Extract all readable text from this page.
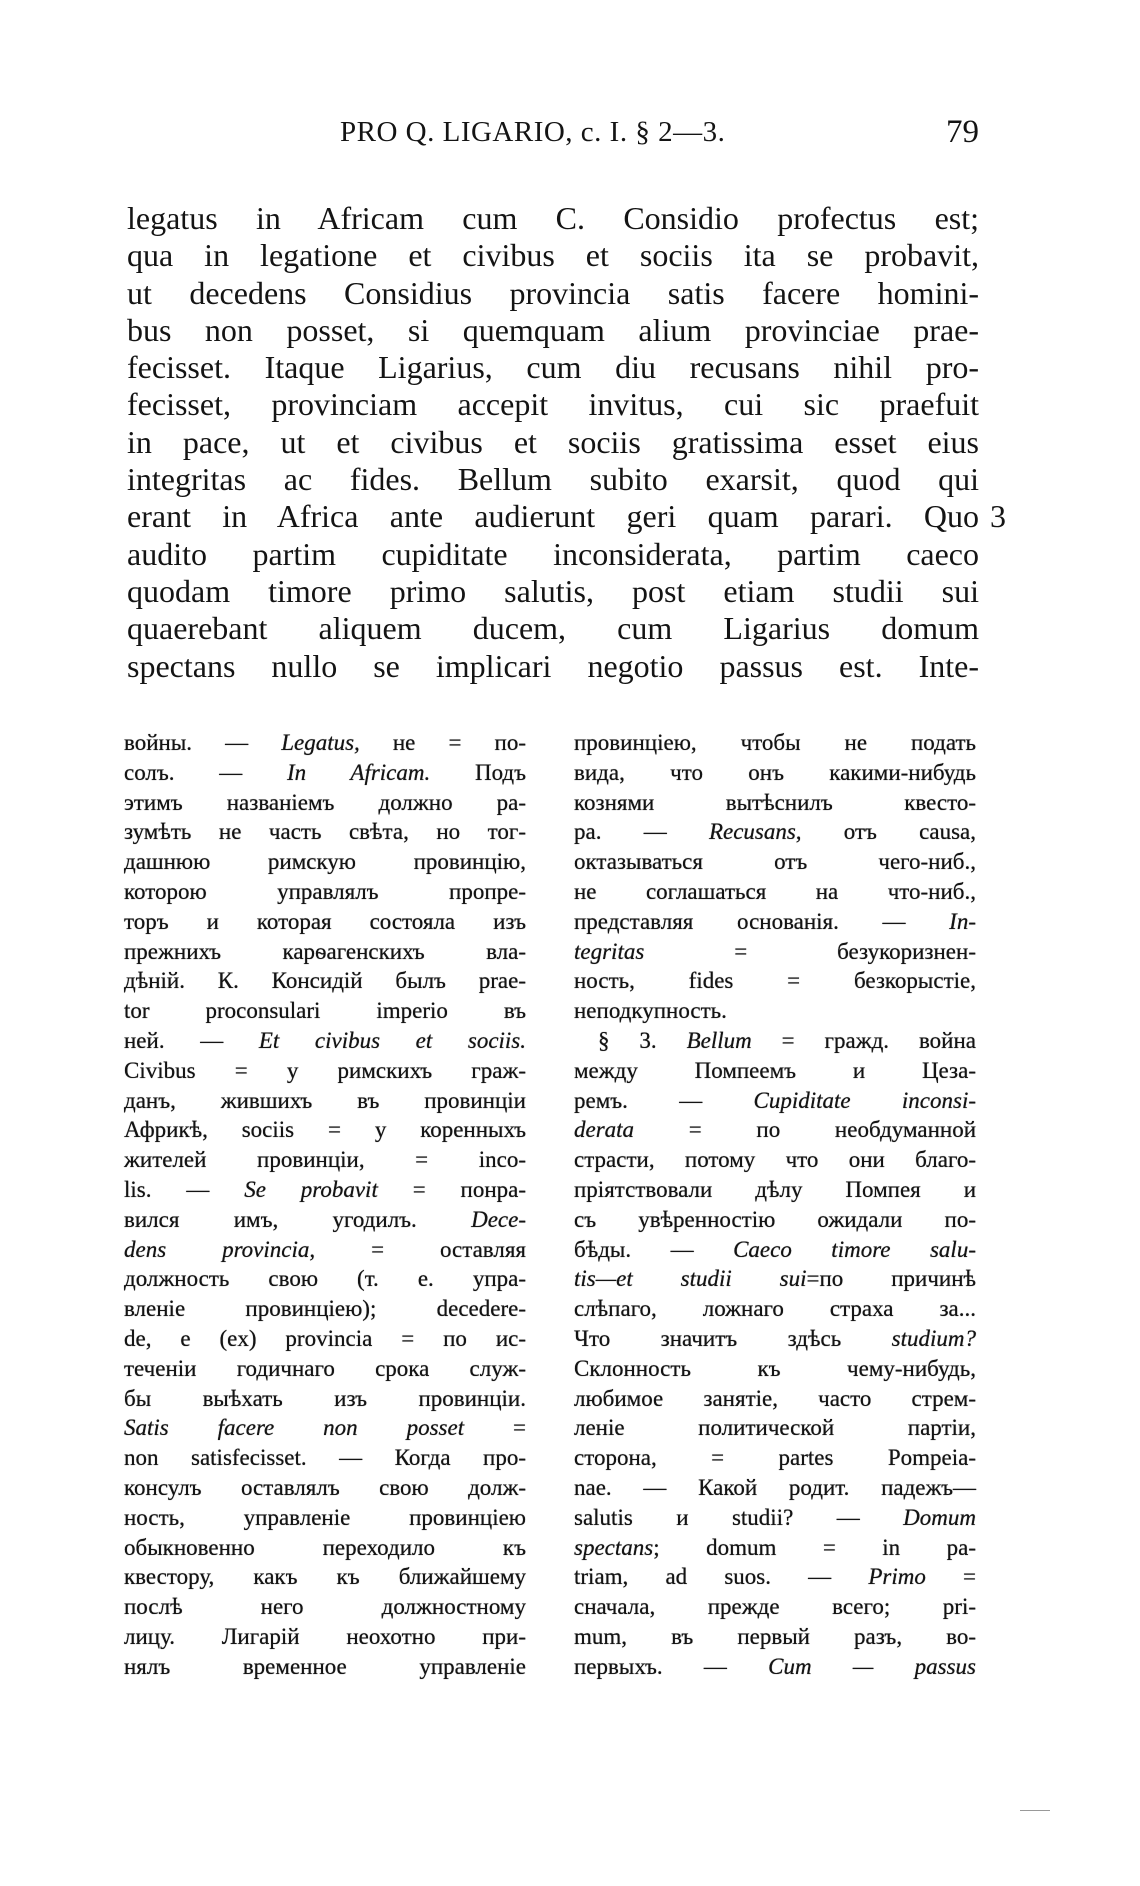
PRO Q. LIGARIO, c. I. § 2—3.	79
legatus in Africam cum C. Considio profectus est;
qua in legatione et civibus et sociis ita se probavit,
ut decedens Considius provincia satis facere homini-
bus non posset, si quemquam alium provinciae prae-
fecisset. Itaque Ligarius, cum diu recusans nihil pro-
fecisset, provinciam accepit invitus, cui sic praefuit
in pace, ut et civibus et sociis gratissima esset eius
integritas ac fides. Bellum subito exarsit, quod qui
erant in Africa ante audierunt geri quam parari. Quo
audito partim cupiditate inconsiderata, partim caeco
quodam timore primo salutis, post etiam studii sui
quaerebant aliquem ducem, cum Ligarius domum
spectans nullo se implicari negotio passus est. Inte-
3
войны. — Legatus, не = по-
солъ. — In Africam. Подъ
этимъ названіемъ должно ра-
зумѣть не часть свѣта, но тог-
дашнюю римскую провинцію,
которою управлялъ пропре-
торъ и которая состояла изъ
прежнихъ карѳагенскихъ вла-
дѣній. К. Консидій былъ prae-
tor proconsulari imperio въ
ней. — Et civibus et sociis.
Civibus = у римскихъ граж-
данъ, жившихъ въ провинціи
Африкѣ, sociis = у коренныхъ
жителей провинціи, = inco-
lis. — Se probavit = понра-
вился имъ, угодилъ. Dece-
dens provincia, = оставляя
должность свою (т. е. упра-
вленіе провинціею); decedere-
de, e (ex) provincia = по ис-
теченіи годичнаго срока служ-
бы выѣхать изъ провинціи.
Satis facere non posset =
non satisfecisset. — Когда про-
консулъ оставлялъ свою долж-
ность, управленіе провинціею
обыкновенно переходило къ
квестору, какъ къ ближайшему
послѣ него должностному
лицу. Лигарій неохотно при-
нялъ временное управленіе
провинціею, чтобы не подать
вида, что онъ какими-нибудь
кознями вытѣснилъ квесто-
ра. — Recusans, отъ causa,
октазываться отъ чего-ниб.,
не соглашаться на что-ниб.,
представляя основанія. — In-
tegritas = безукоризнен-
ность, fides = безкорыстіе,
неподкупность.
§ 3. Bellum = гражд. война
между Помпеемъ и Цеза-
ремъ. — Cupiditate inconsi-
derata = по необдуманной
страсти, потому что они благо-
пріятствовали дѣлу Помпея и
съ увѣренностію ожидали по-
бѣды. — Caeco timore salu-
tis—et studii sui=по причинѣ
слѣпаго, ложнаго страха за...
Что значитъ здѣсь studium?
Склонность къ чему-нибудь,
любимое занятіе, часто стрем-
леніе политической партіи,
сторона, = partes Pompeia-
nae. — Какой родит. падежъ—
salutis и studii? — Domum
spectans; domum = in pa-
triam, ad suos. — Primo =
сначала, прежде всего; pri-
mum, въ первый разъ, во-
первыхъ. — Cum — passus
